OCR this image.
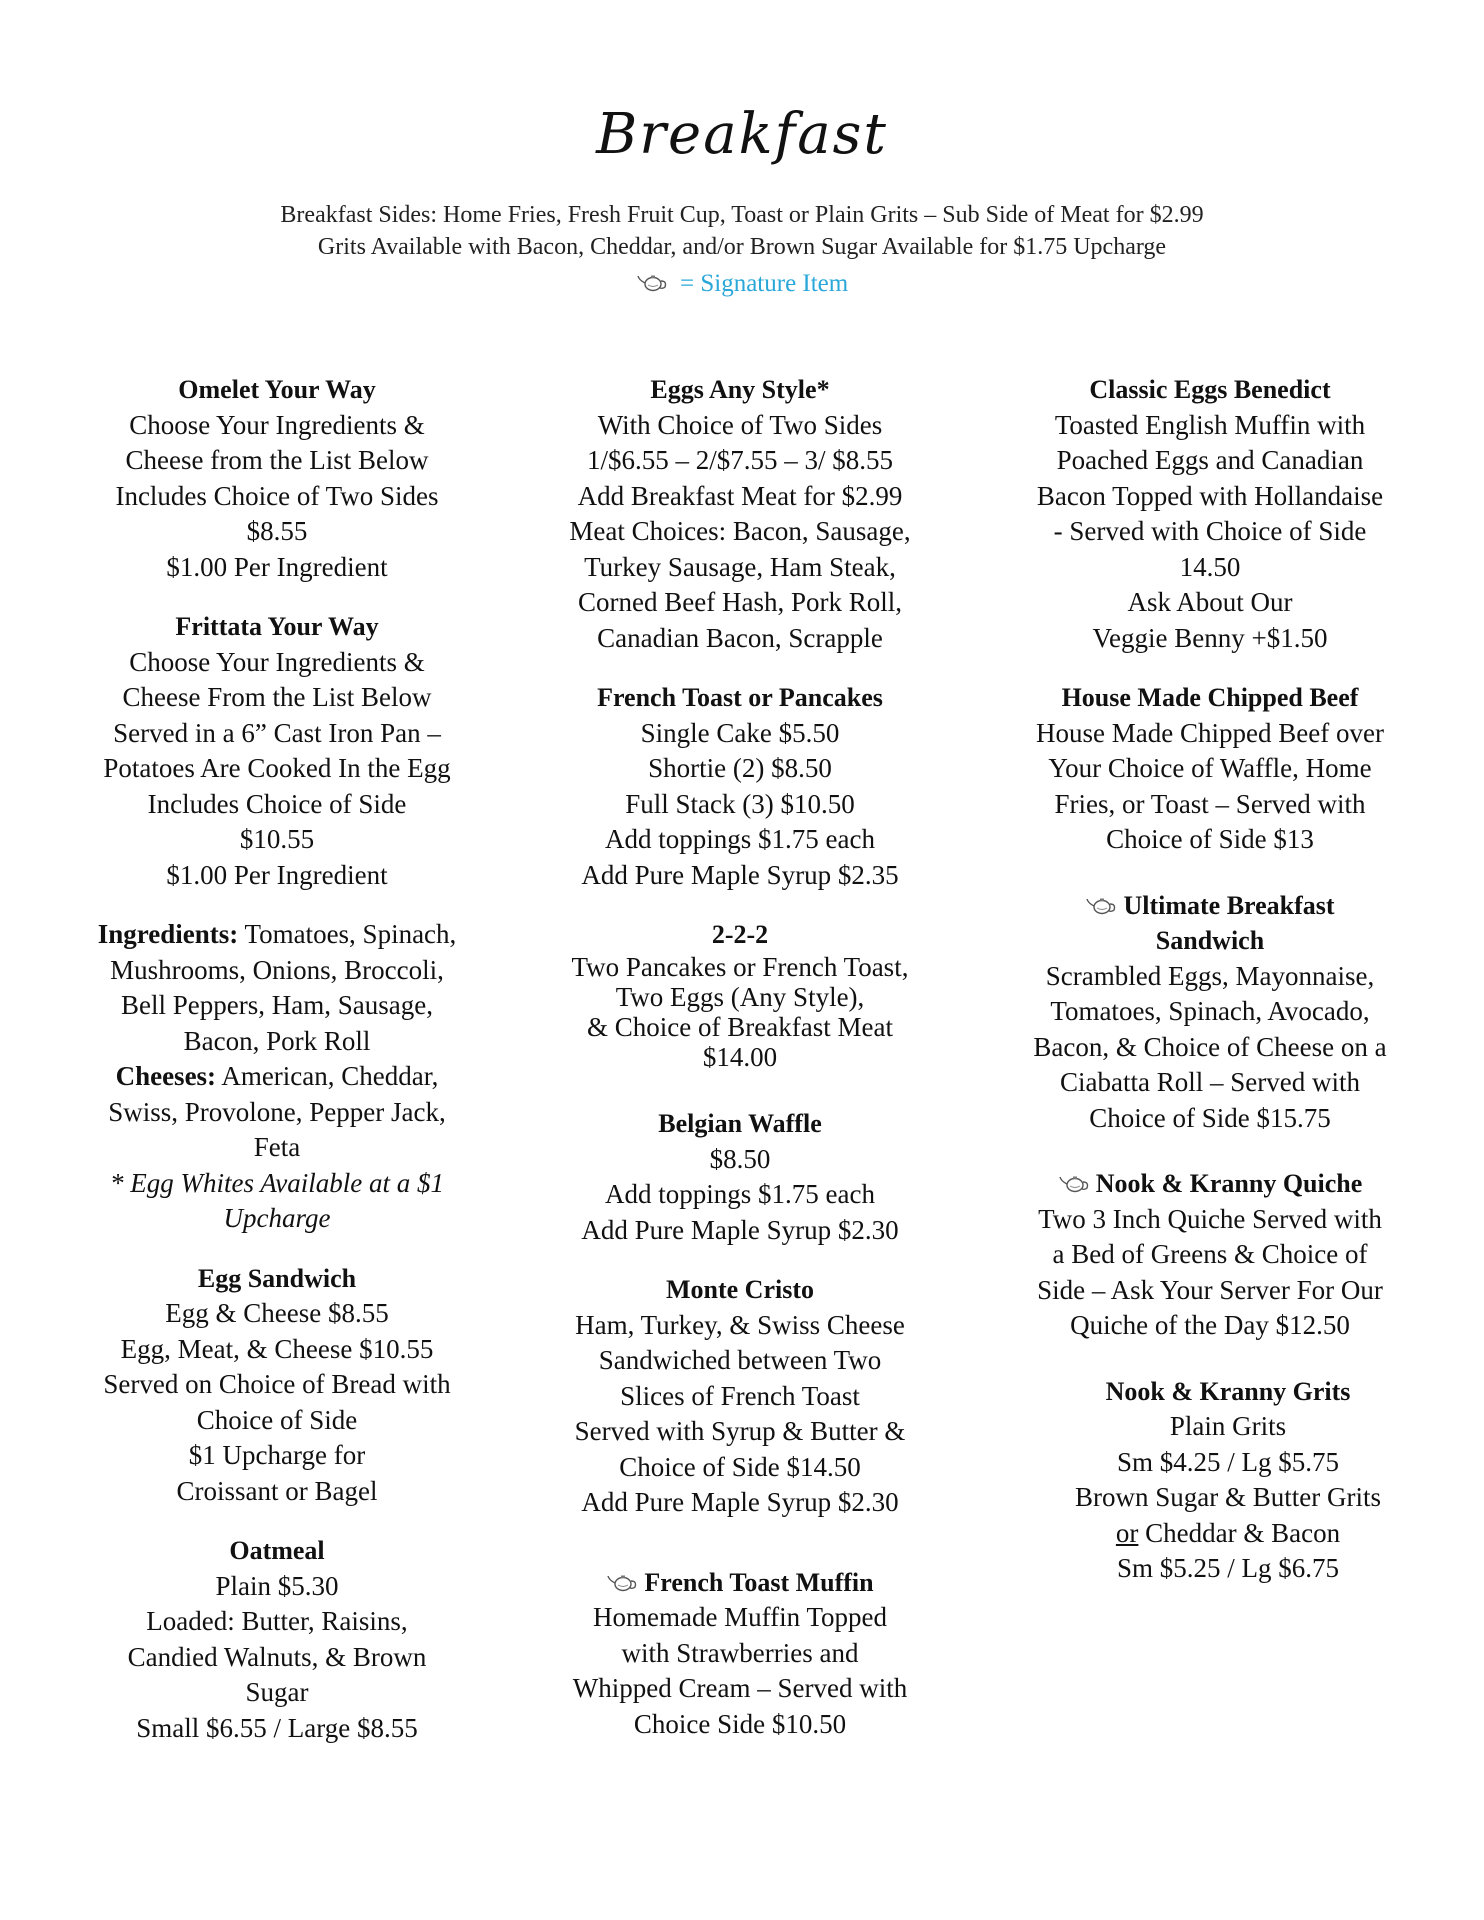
Breakfast
Breakfast Sides: Home Fries, Fresh Fruit Cup, Toast or Plain Grits – Sub Side of Meat for $2.99
Grits Available with Bacon, Cheddar, and/or Brown Sugar Available for $1.75 Upcharge
= Signature Item
Omelet Your Way
Choose Your Ingredients &
Cheese from the List Below
Includes Choice of Two Sides
$8.55
$1.00 Per Ingredient
Frittata Your Way
Choose Your Ingredients &
Cheese From the List Below
Served in a 6” Cast Iron Pan –
Potatoes Are Cooked In the Egg
Includes Choice of Side
$10.55
$1.00 Per Ingredient
Ingredients: Tomatoes, Spinach,
Mushrooms, Onions, Broccoli,
Bell Peppers, Ham, Sausage,
Bacon, Pork Roll
Cheeses: American, Cheddar,
Swiss, Provolone, Pepper Jack,
Feta
* Egg Whites Available at a $1
Upcharge
Egg Sandwich
Egg & Cheese $8.55
Egg, Meat, & Cheese $10.55
Served on Choice of Bread with
Choice of Side
$1 Upcharge for
Croissant or Bagel
Oatmeal
Plain $5.30
Loaded: Butter, Raisins,
Candied Walnuts, & Brown
Sugar
Small $6.55 / Large $8.55
Eggs Any Style*
With Choice of Two Sides
1/$6.55 – 2/$7.55 – 3/ $8.55
Add Breakfast Meat for $2.99
Meat Choices: Bacon, Sausage,
Turkey Sausage, Ham Steak,
Corned Beef Hash, Pork Roll,
Canadian Bacon, Scrapple
French Toast or Pancakes
Single Cake $5.50
Shortie (2) $8.50
Full Stack (3) $10.50
Add toppings $1.75 each
Add Pure Maple Syrup $2.35
2-2-2
Two Pancakes or French Toast,
Two Eggs (Any Style),
& Choice of Breakfast Meat
$14.00
Belgian Waffle
$8.50
Add toppings $1.75 each
Add Pure Maple Syrup $2.30
Monte Cristo
Ham, Turkey, & Swiss Cheese
Sandwiched between Two
Slices of French Toast
Served with Syrup & Butter &
Choice of Side $14.50
Add Pure Maple Syrup $2.30
French Toast Muffin
Homemade Muffin Topped
with Strawberries and
Whipped Cream – Served with
Choice Side $10.50
Classic Eggs Benedict
Toasted English Muffin with
Poached Eggs and Canadian
Bacon Topped with Hollandaise
- Served with Choice of Side
14.50
Ask About Our
Veggie Benny +$1.50
House Made Chipped Beef
House Made Chipped Beef over
Your Choice of Waffle, Home
Fries, or Toast – Served with
Choice of Side $13
Ultimate Breakfast
Sandwich
Scrambled Eggs, Mayonnaise,
Tomatoes, Spinach, Avocado,
Bacon, & Choice of Cheese on a
Ciabatta Roll – Served with
Choice of Side $15.75
Nook & Kranny Quiche
Two 3 Inch Quiche Served with
a Bed of Greens & Choice of
Side – Ask Your Server For Our
Quiche of the Day $12.50
Nook & Kranny Grits
Plain Grits
Sm $4.25 / Lg $5.75
Brown Sugar & Butter Grits
or Cheddar & Bacon
Sm $5.25 / Lg $6.75
